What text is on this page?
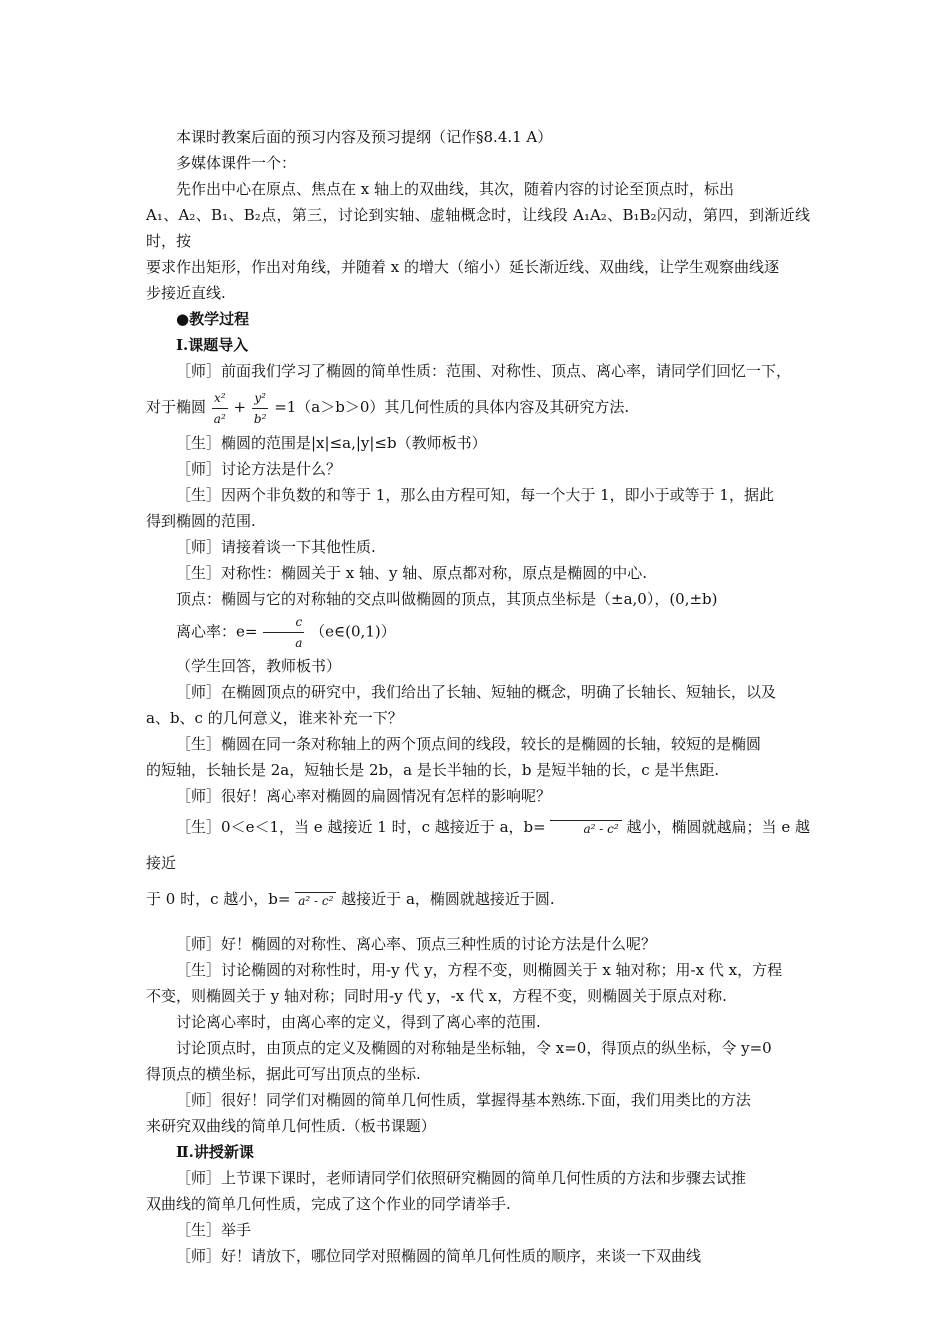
本课时教案后面的预习内容及预习提纲（记作§8.4.1 A）

多媒体课件一个：

先作出中心在原点、焦点在 x 轴上的双曲线，其次，随着内容的讨论至顶点时，标出

A₁、A₂、B₁、B₂点，第三，讨论到实轴、虚轴概念时，让线段 A₁A₂、B₁B₂闪动，第四，到渐近线时，按

要求作出矩形，作出对角线，并随着 x 的增大（缩小）延长渐近线、双曲线，让学生观察曲线逐

步接近直线.

●教学过程

Ⅰ.课题导入

［师］前面我们学习了椭圆的简单性质：范围、对称性、顶点、离心率，请同学们回忆一下，

对于椭圆 $\frac{\text{x²}}{\text{a²}} + \frac{\text{y²}}{\text{b²}} =1(a>b>0)$其几何性质的具体内容及其研究方法.

［生］椭圆的范围是|x|≤a,|y|≤b（教师板书）

［师］讨论方法是什么？

［生］因两个非负数的和等于 1，那么由方程可知，每一个大于 1，即小于或等于 1，据此

得到椭圆的范围.

［师］请接着谈一下其他性质.

［生］对称性：椭圆关于 x 轴、y 轴、原点都对称，原点是椭圆的中心.

顶点：椭圆与它的对称轴的交点叫做椭圆的顶点，其顶点坐标是（±a,0），(0,±b)

离心率：$e= \frac{c}{a}$ （e∈(0,1)）

（学生回答，教师板书）

［师］在椭圆顶点的研究中，我们给出了长轴、短轴的概念，明确了长轴长、短轴长，以及

a、b、c 的几何意义，谁来补充一下？

［生］椭圆在同一条对称轴上的两个顶点间的线段，较长的是椭圆的长轴，较短的是椭圆

的短轴，长轴长是 2a，短轴长是 2b，a 是长半轴的长，b 是短半轴的长，c 是半焦距.

［师］很好！离心率对椭圆的扁圆情况有怎样的影响呢？

［生］0＜e＜1，当 e 越接近 1 时，c 越接近于 a，b=	a² - c² 越小，椭圆就越扁；当 e 越接近

于 0 时，c 越小，b= a² - c² 越接近于 a，椭圆就越接近于圆.

［师］好！椭圆的对称性、离心率、顶点三种性质的讨论方法是什么呢？

［生］讨论椭圆的对称性时，用-y 代 y，方程不变，则椭圆关于 x 轴对称；用-x 代 x，方程

不变，则椭圆关于 y 轴对称；同时用-y 代 y，-x 代 x，方程不变，则椭圆关于原点对称.

讨论离心率时，由离心率的定义，得到了离心率的范围.

讨论顶点时，由顶点的定义及椭圆的对称轴是坐标轴，令 x=0，得顶点的纵坐标，令 y=0

得顶点的横坐标，据此可写出顶点的坐标.

［师］很好！同学们对椭圆的简单几何性质，掌握得基本熟练.下面，我们用类比的方法

来研究双曲线的简单几何性质.（板书课题）

Ⅱ.讲授新课

［师］上节课下课时，老师请同学们依照研究椭圆的简单几何性质的方法和步骤去试推

双曲线的简单几何性质，完成了这个作业的同学请举手.

［生］举手

［师］好！请放下，哪位同学对照椭圆的简单几何性质的顺序，来谈一下双曲线
